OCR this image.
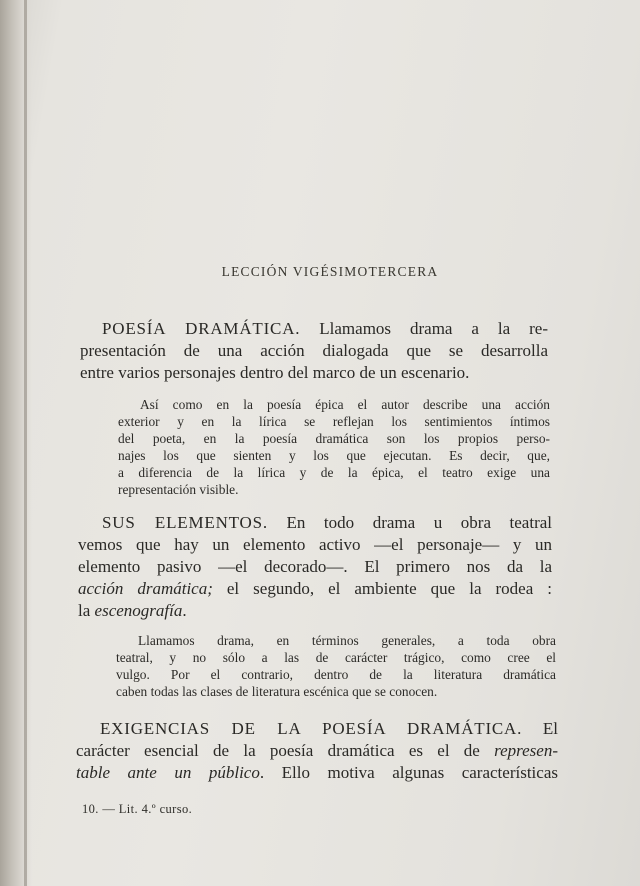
LECCIÓN VIGÉSIMOTERCERA
POESÍA DRAMÁTICA. Llamamos drama a la re-
presentación de una acción dialogada que se desarrolla
entre varios personajes dentro del marco de un escenario.
Así como en la poesía épica el autor describe una acción
exterior y en la lírica se reflejan los sentimientos íntimos
del poeta, en la poesía dramática son los propios perso-
najes los que sienten y los que ejecutan. Es decir, que,
a diferencia de la lírica y de la épica, el teatro exige una
representación visible.
SUS ELEMENTOS. En todo drama u obra teatral
vemos que hay un elemento activo —el personaje— y un
elemento pasivo —el decorado—. El primero nos da la
acción dramática; el segundo, el ambiente que la rodea :
la escenografía.
Llamamos drama, en términos generales, a toda obra
teatral, y no sólo a las de carácter trágico, como cree el
vulgo. Por el contrario, dentro de la literatura dramática
caben todas las clases de literatura escénica que se conocen.
EXIGENCIAS DE LA POESÍA DRAMÁTICA. El
carácter esencial de la poesía dramática es el de represen-
table ante un público. Ello motiva algunas características
10. — Lit. 4.º curso.
